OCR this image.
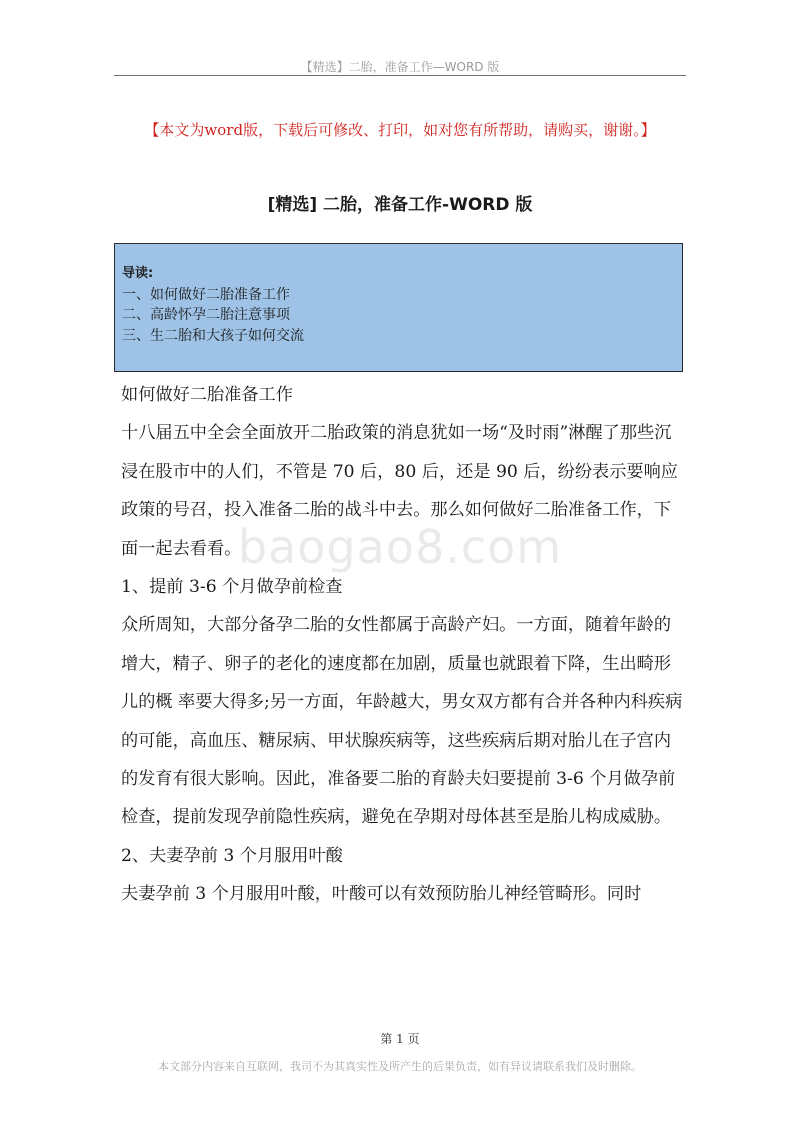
【精选】二胎，准备工作—WORD 版
【本文为word版，下载后可修改、打印，如对您有所帮助，请购买，谢谢。】
[精选] 二胎，准备工作-WORD 版
导读:
一、如何做好二胎准备工作
二、高龄怀孕二胎注意事项
三、生二胎和大孩子如何交流
baogao8.com

如何做好二胎准备工作

十八届五中全会全面放开二胎政策的消息犹如一场“及时雨”淋醒了那些沉浸在股市中的人们，不管是 70 后，80 后，还是 90 后，纷纷表示要响应政策的号召，投入准备二胎的战斗中去。那么如何做好二胎准备工作，下面一起去看看。

1、提前 3-6 个月做孕前检查

众所周知，大部分备孕二胎的女性都属于高龄产妇。一方面，随着年龄的增大，精子、卵子的老化的速度都在加剧，质量也就跟着下降，生出畸形儿的概 率要大得多;另一方面，年龄越大，男女双方都有合并各种内科疾病的可能，高血压、糖尿病、甲状腺疾病等，这些疾病后期对胎儿在子宫内的发育有很大影响。因此，准备要二胎的育龄夫妇要提前 3-6 个月做孕前检查，提前发现孕前隐性疾病，避免在孕期对母体甚至是胎儿构成威胁。

2、夫妻孕前 3 个月服用叶酸

夫妻孕前 3 个月服用叶酸，叶酸可以有效预防胎儿神经管畸形。同时

第 1 页
本文部分内容来自互联网，我司不为其真实性及所产生的后果负责，如有异议请联系我们及时删除。
